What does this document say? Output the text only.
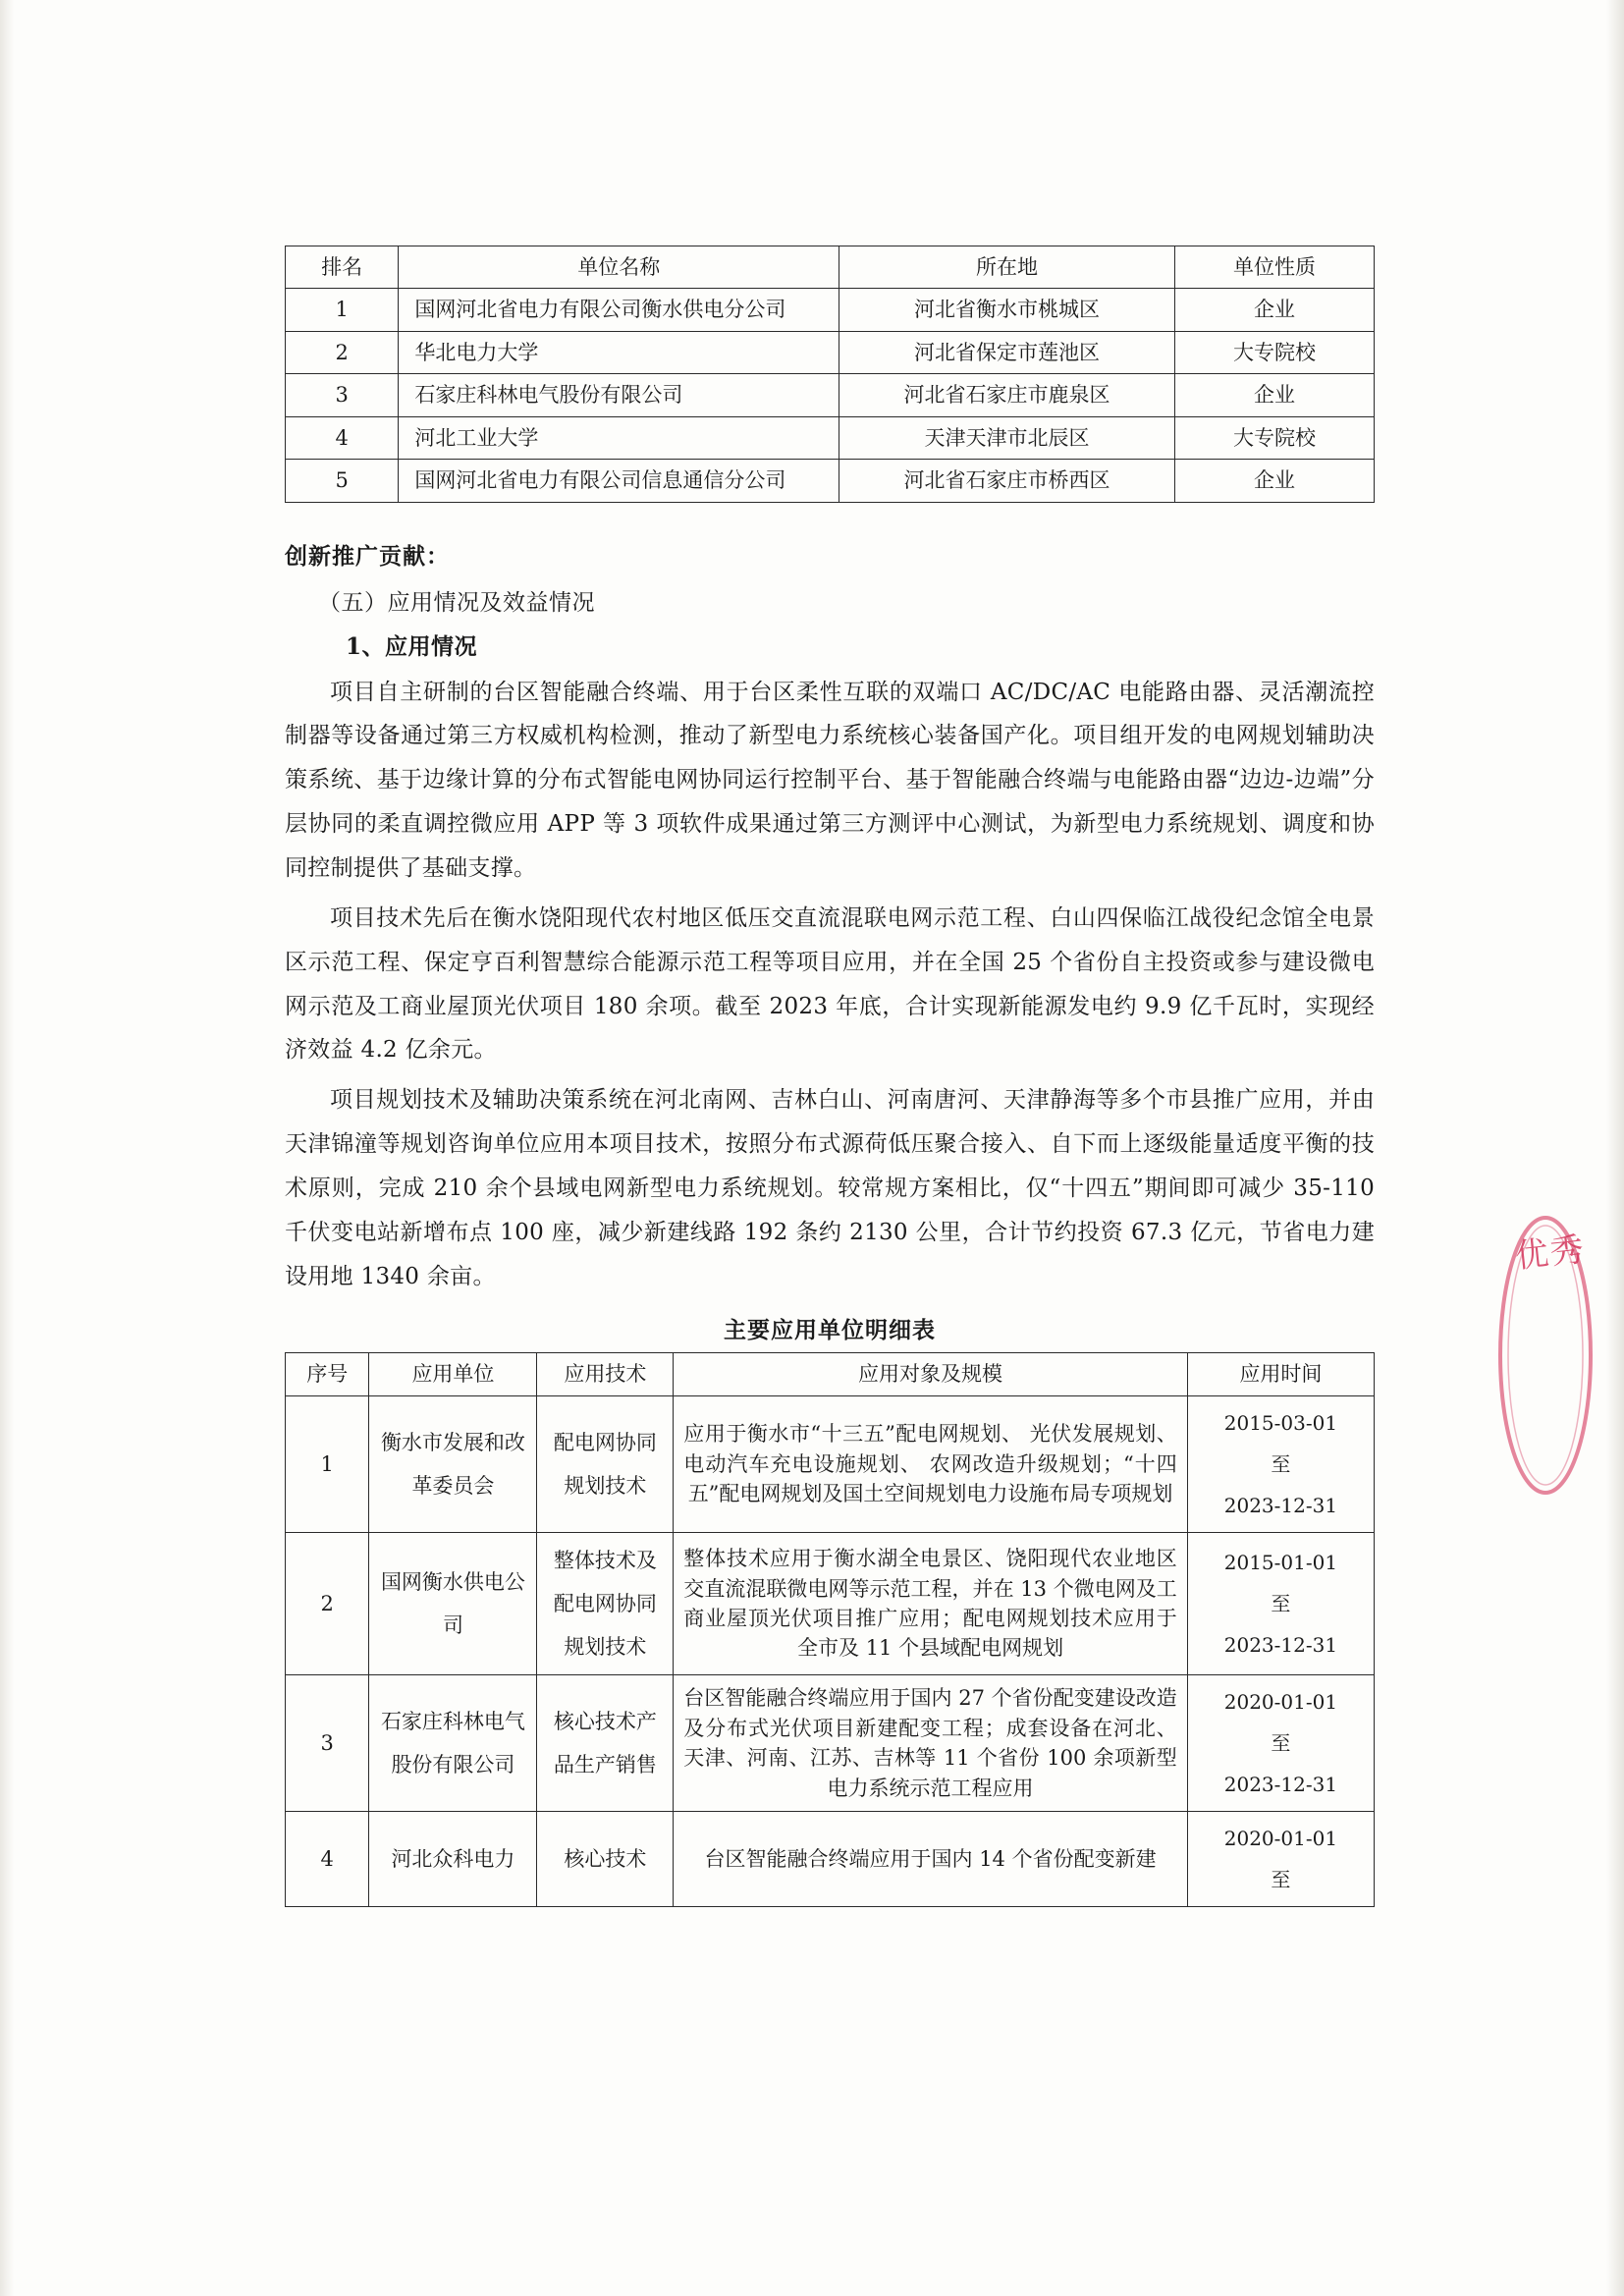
排名	单位名称	所在地	单位性质
1	国网河北省电力有限公司衡水供电分公司	河北省衡水市桃城区	企业
2	华北电力大学	河北省保定市莲池区	大专院校
3	石家庄科林电气股份有限公司	河北省石家庄市鹿泉区	企业
4	河北工业大学	天津天津市北辰区	大专院校
5	国网河北省电力有限公司信息通信分公司	河北省石家庄市桥西区	企业
创新推广贡献：
（五）应用情况及效益情况
1、应用情况

项目自主研制的台区智能融合终端、用于台区柔性互联的双端口 AC/DC/AC 电能路由器、灵活潮流控制器等设备通过第三方权威机构检测，推动了新型电力系统核心装备国产化。项目组开发的电网规划辅助决策系统、基于边缘计算的分布式智能电网协同运行控制平台、基于智能融合终端与电能路由器“边边-边端”分层协同的柔直调控微应用 APP 等 3 项软件成果通过第三方测评中心测试，为新型电力系统规划、调度和协同控制提供了基础支撑。

项目技术先后在衡水饶阳现代农村地区低压交直流混联电网示范工程、白山四保临江战役纪念馆全电景区示范工程、保定亨百利智慧综合能源示范工程等项目应用，并在全国 25 个省份自主投资或参与建设微电网示范及工商业屋顶光伏项目 180 余项。截至 2023 年底，合计实现新能源发电约 9.9 亿千瓦时，实现经济效益 4.2 亿余元。

项目规划技术及辅助决策系统在河北南网、吉林白山、河南唐河、天津静海等多个市县推广应用，并由天津锦潼等规划咨询单位应用本项目技术，按照分布式源荷低压聚合接入、自下而上逐级能量适度平衡的技术原则，完成 210 余个县域电网新型电力系统规划。较常规方案相比，仅“十四五”期间即可减少 35-110 千伏变电站新增布点 100 座，减少新建线路 192 条约 2130 公里，合计节约投资 67.3 亿元，节省电力建设用地 1340 余亩。

主要应用单位明细表
序号	应用单位	应用技术	应用对象及规模	应用时间
1	衡水市发展和改革委员会	配电网协同规划技术	应用于衡水市“十三五”配电网规划、 光伏发展规划、电动汽车充电设施规划、 农网改造升级规划；“十四五”配电网规划及国土空间规划电力设施布局专项规划	2015-03-01
至
2023-12-31

2	国网衡水供电公司	整体技术及配电网协同规划技术	整体技术应用于衡水湖全电景区、饶阳现代农业地区交直流混联微电网等示范工程，并在 13 个微电网及工商业屋顶光伏项目推广应用；配电网规划技术应用于全市及 11 个县域配电网规划	2015-01-01
至
2023-12-31

3	石家庄科林电气股份有限公司	核心技术产品生产销售	台区智能融合终端应用于国内 27 个省份配变建设改造及分布式光伏项目新建配变工程；成套设备在河北、天津、河南、江苏、吉林等 11 个省份 100 余项新型电力系统示范工程应用	2020-01-01
至
2023-12-31

4	河北众科电力	核心技术	台区智能融合终端应用于国内 14 个省份配变新建	2020-01-01
至
优秀
